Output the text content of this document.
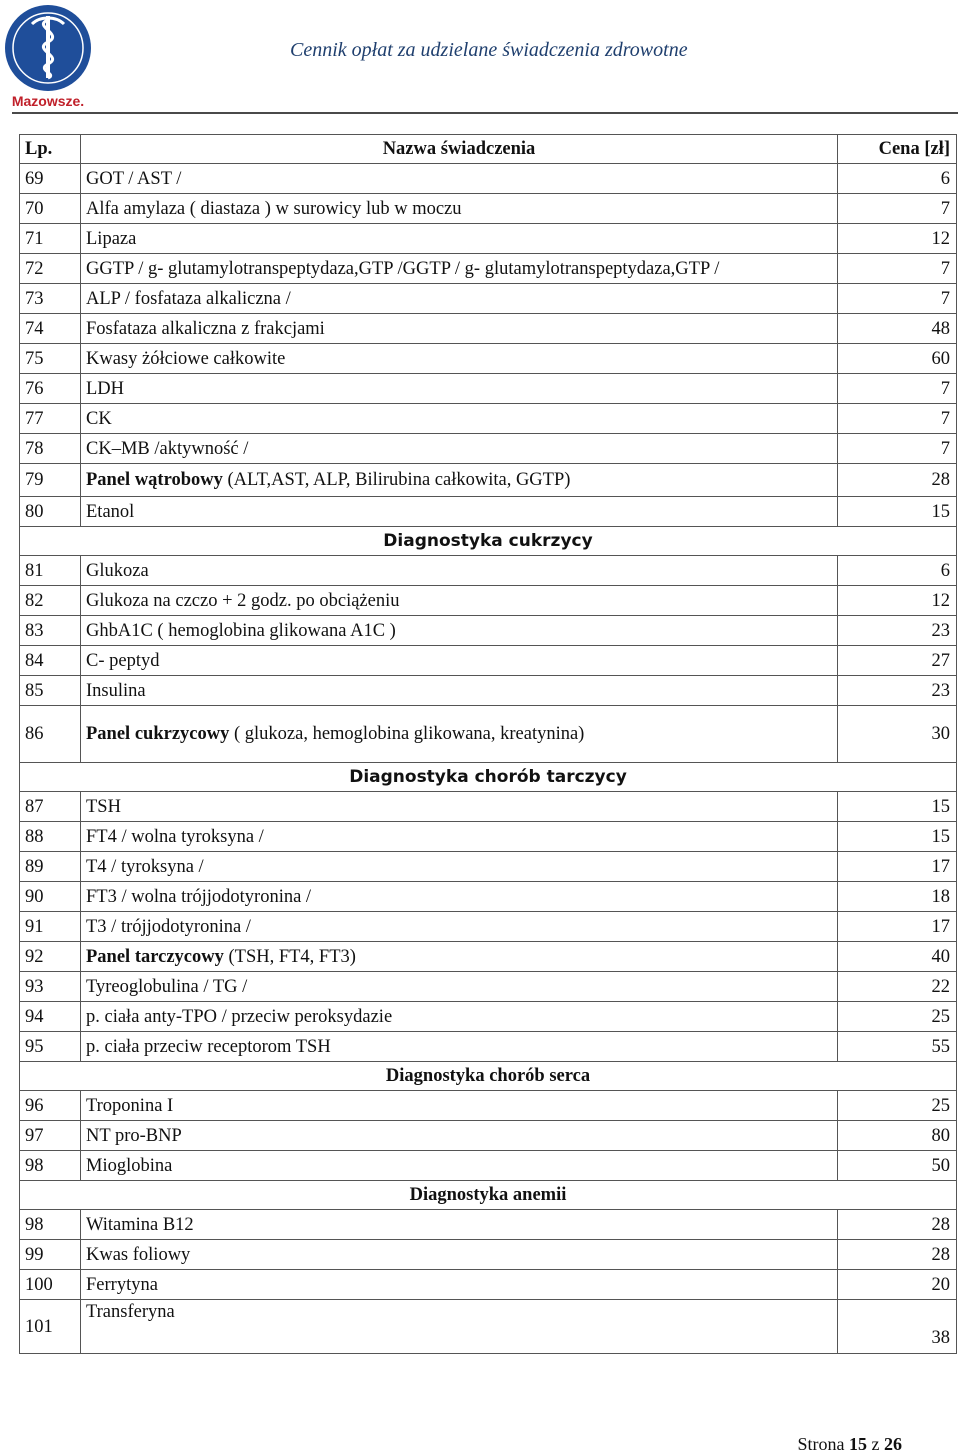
Mazowsze.
Cennik opłat za udzielane świadczenia zdrowotne
Lp.	Nazwa świadczenia	Cena [zł]
69	GOT / AST /	6
70	Alfa amylaza ( diastaza ) w surowicy lub w moczu	7
71	Lipaza	12
72	GGTP / g- glutamylotranspeptydaza,GTP /GGTP / g- glutamylotranspeptydaza,GTP /	7
73	ALP / fosfataza alkaliczna /	7
74	Fosfataza alkaliczna z frakcjami	48
75	Kwasy żółciowe całkowite	60
76	LDH	7
77	CK	7
78	CK–MB /aktywność /	7
79	Panel wątrobowy (ALT,AST, ALP, Bilirubina całkowita, GGTP)	28
80	Etanol	15
Diagnostyka cukrzycy		
81	Glukoza	6
82	Glukoza na czczo + 2 godz. po obciążeniu	12
83	GhbA1C ( hemoglobina glikowana A1C )	23
84	C- peptyd	27
85	Insulina	23
86	Panel cukrzycowy ( glukoza, hemoglobina glikowana, kreatynina)	30
Diagnostyka chorób tarczycy		
87	TSH	15
88	FT4 / wolna tyroksyna /	15
89	T4 / tyroksyna /	17
90	FT3 / wolna trójjodotyronina /	18
91	T3 / trójjodotyronina /	17
92	Panel tarczycowy (TSH, FT4, FT3)	40
93	Tyreoglobulina / TG /	22
94	p. ciała anty-TPO / przeciw peroksydazie	25
95	p. ciała przeciw receptorom TSH	55
Diagnostyka chorób serca		
96	Troponina I	25
97	NT pro-BNP	80
98	Mioglobina	50
Diagnostyka anemii		
98	Witamina B12	28
99	Kwas foliowy	28
100	Ferrytyna	20
101	Transferyna	38
Strona 15 z 26
